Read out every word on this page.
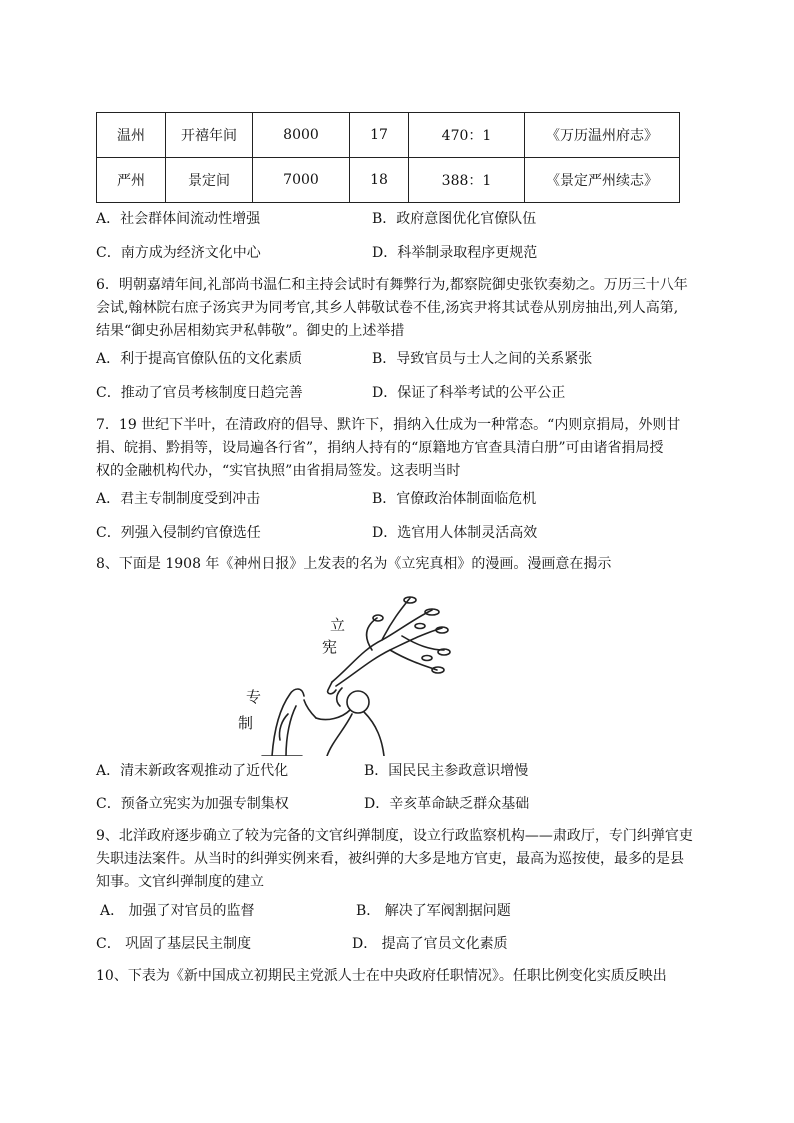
温州	开禧年间	8000	17	470：1	《万历温州府志》
严州	景定间	7000	18	388：1	《景定严州续志》
A．社会群体间流动性增强	B．政府意图优化官僚队伍
C．南方成为经济文化中心	D．科举制录取程序更规范
6．明朝嘉靖年间,礼部尚书温仁和主持会试时有舞弊行为,都察院御史张钦奏劾之。万历三十八年
会试,翰林院右庶子汤宾尹为同考官,其乡人韩敬试卷不佳,汤宾尹将其试卷从别房抽出,列人高第,
结果“御史孙居相劾宾尹私韩敬”。御史的上述举措
A．利于提高官僚队伍的文化素质	B．导致官员与士人之间的关系紧张
C．推动了官员考核制度日趋完善	D．保证了科举考试的公平公正
7．19 世纪下半叶，在清政府的倡导、默许下，捐纳入仕成为一种常态。“内则京捐局，外则甘
捐、皖捐、黔捐等，设局遍各行省”，捐纳人持有的“原籍地方官查具清白册”可由诸省捐局授
权的金融机构代办，“实官执照”由省捐局签发。这表明当时
A．君主专制制度受到冲击	B．官僚政治体制面临危机
C．列强入侵制约官僚选任	D．选官用人体制灵活高效
8、下面是 1908 年《神州日报》上发表的名为《立宪真相》的漫画。漫画意在揭示
立
宪
专
制
A．清末新政客观推动了近代化	B．国民民主参政意识增慢
C．预备立宪实为加强专制集权	D．辛亥革命缺乏群众基础
9、北洋政府逐步确立了较为完备的文官纠弹制度，设立行政监察机构——肃政厅，专门纠弹官吏
失职违法案件。从当时的纠弹实例来看，被纠弹的大多是地方官吏，最高为巡按使，最多的是县
知事。文官纠弹制度的建立
A． 加强了对官员的监督	B． 解决了军阀割据问题
C． 巩固了基层民主制度	D． 提高了官员文化素质
10、下表为《新中国成立初期民主党派人士在中央政府任职情况》。任职比例变化实质反映出
